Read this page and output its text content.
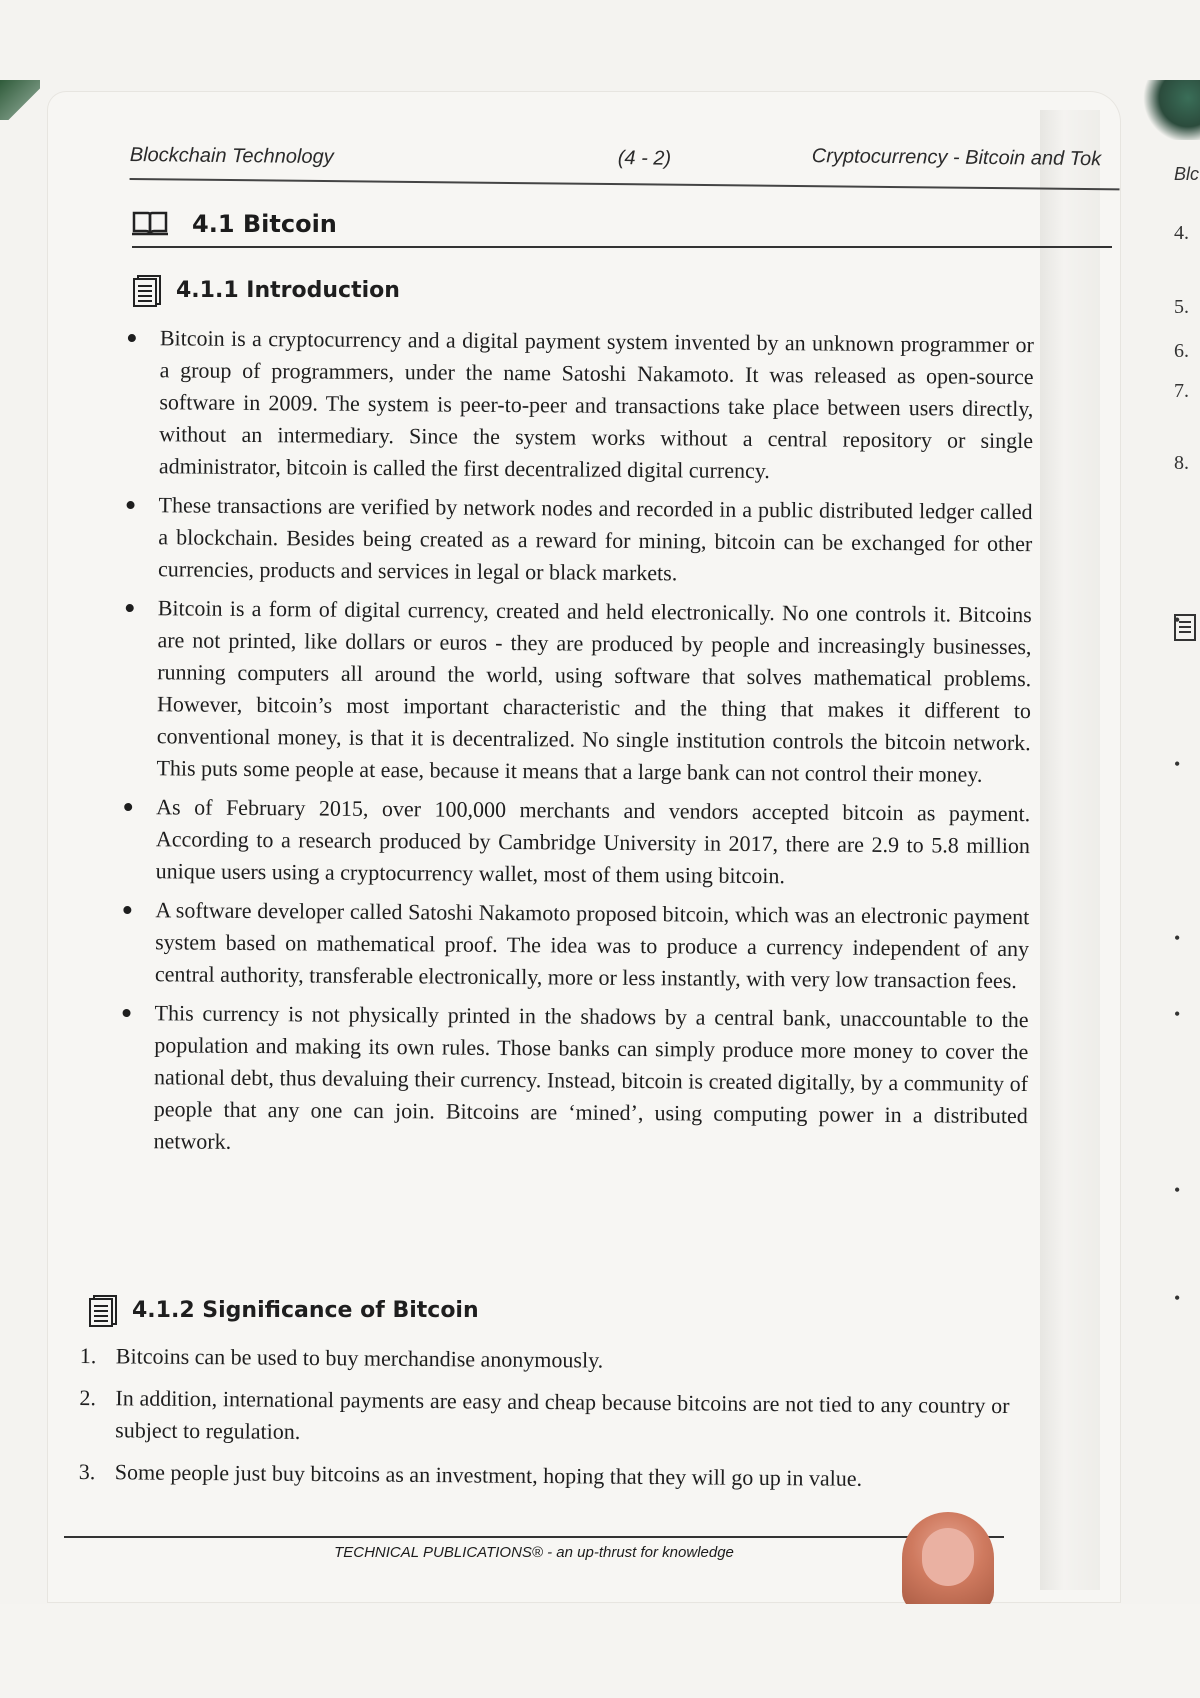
Blc
4.
5.
6.
7.
8.
•
•
•
•
•
•
Blockchain Technology	(4 - 2)	Cryptocurrency - Bitcoin and Tok
4.1 Bitcoin
4.1.1 Introduction
Bitcoin is a cryptocurrency and a digital payment system invented by an unknown programmer or a group of programmers, under the name Satoshi Nakamoto. It was released as open-source software in 2009. The system is peer-to-peer and transactions take place between users directly, without an intermediary. Since the system works without a central repository or single administrator, bitcoin is called the first decentralized digital currency.
These transactions are verified by network nodes and recorded in a public distributed ledger called a blockchain. Besides being created as a reward for mining, bitcoin can be exchanged for other currencies, products and services in legal or black markets.
Bitcoin is a form of digital currency, created and held electronically. No one controls it. Bitcoins are not printed, like dollars or euros - they are produced by people and increasingly businesses, running computers all around the world, using software that solves mathematical problems. However, bitcoin’s most important characteristic and the thing that makes it different to conventional money, is that it is decentralized. No single institution controls the bitcoin network. This puts some people at ease, because it means that a large bank can not control their money.
As of February 2015, over 100,000 merchants and vendors accepted bitcoin as payment. According to a research produced by Cambridge University in 2017, there are 2.9 to 5.8 million unique users using a cryptocurrency wallet, most of them using bitcoin.
A software developer called Satoshi Nakamoto proposed bitcoin, which was an electronic payment system based on mathematical proof. The idea was to produce a currency independent of any central authority, transferable electronically, more or less instantly, with very low transaction fees.
This currency is not physically printed in the shadows by a central bank, unaccountable to the population and making its own rules. Those banks can simply produce more money to cover the national debt, thus devaluing their currency. Instead, bitcoin is created digitally, by a community of people that any one can join. Bitcoins are ‘mined’, using computing power in a distributed network.
4.1.2 Significance of Bitcoin
1. Bitcoins can be used to buy merchandise anonymously.
2. In addition, international payments are easy and cheap because bitcoins are not tied to any country or subject to regulation.
3. Some people just buy bitcoins as an investment, hoping that they will go up in value.
TECHNICAL PUBLICATIONS® - an up-thrust for knowledge
